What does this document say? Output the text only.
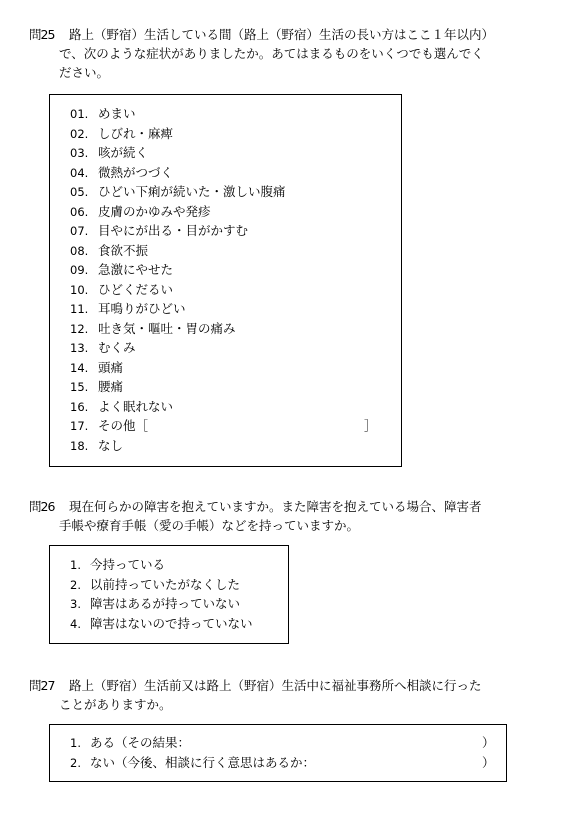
問25 路上（野宿）生活している間（路上（野宿）生活の長い方はここ１年以内）
で、次のような症状がありましたか。あてはまるものをいくつでも選んでく
ださい。
01. めまい
02. しびれ・麻痺
03. 咳が続く
04. 微熱がつづく
05. ひどい下痢が続いた・激しい腹痛
06. 皮膚のかゆみや発疹
07. 目やにが出る・目がかすむ
08. 食欲不振
09. 急激にやせた
10. ひどくだるい
11. 耳鳴りがひどい
12. 吐き気・嘔吐・胃の痛み
13. むくみ
14. 頭痛
15. 腰痛
16. よく眠れない
17. その他［	］
18. なし
問26 現在何らかの障害を抱えていますか。また障害を抱えている場合、障害者
手帳や療育手帳（愛の手帳）などを持っていますか。
1. 今持っている
2. 以前持っていたがなくした
3. 障害はあるが持っていない
4. 障害はないので持っていない
問27 路上（野宿）生活前又は路上（野宿）生活中に福祉事務所へ相談に行った
ことがありますか。
1. ある（その結果：	）
2. ない（今後、相談に行く意思はあるか：	）
